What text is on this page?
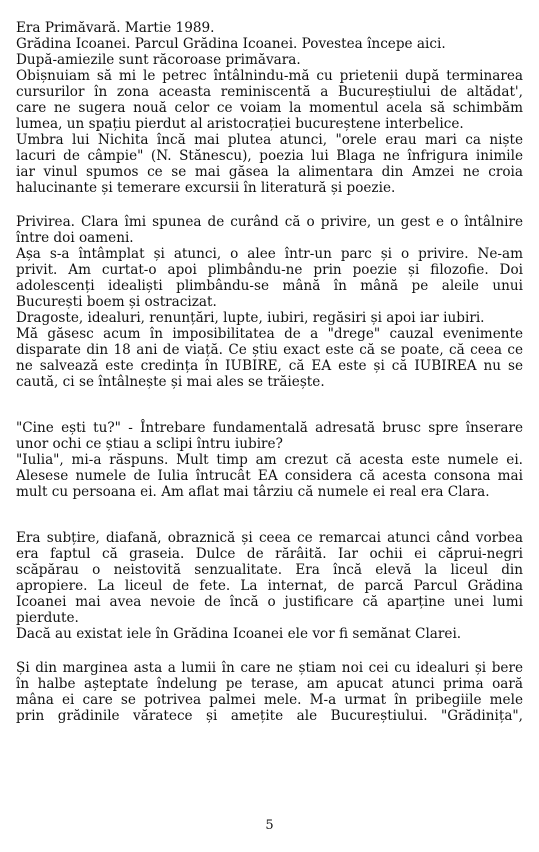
Era Primăvară. Martie 1989.
Grădina Icoanei. Parcul Grădina Icoanei. Povestea începe aici.
După-amiezile sunt răcoroase primăvara.
Obișnuiam să mi le petrec întâlnindu-mă cu prietenii după terminarea
cursurilor în zona aceasta reminiscentă a Bucureștiului de altădat',
care ne sugera nouă celor ce voiam la momentul acela să schimbăm
lumea, un spațiu pierdut al aristocrației bucureștene interbelice.
Umbra lui Nichita încă mai plutea atunci, "orele erau mari ca niște
lacuri de câmpie" (N. Stănescu), poezia lui Blaga ne înfrigura inimile
iar vinul spumos ce se mai găsea la alimentara din Amzei ne croia
halucinante și temerare excursii în literatură și poezie.
Privirea. Clara îmi spunea de curând că o privire, un gest e o întâlnire
între doi oameni.
Așa s-a întâmplat și atunci, o alee într-un parc și o privire. Ne-am
privit. Am curtat-o apoi plimbându-ne prin poezie și filozofie. Doi
adolescenți idealiști plimbându-se mână în mână pe aleile unui
București boem și ostracizat.
Dragoste, idealuri, renunțări, lupte, iubiri, regăsiri și apoi iar iubiri.
Mă găsesc acum în imposibilitatea de a "drege" cauzal evenimente
disparate din 18 ani de viață. Ce știu exact este că se poate, că ceea ce
ne salvează este credința în IUBIRE, că EA este și că IUBIREA nu se
caută, ci se întâlnește și mai ales se trăiește.
"Cine ești tu?" - Întrebare fundamentală adresată brusc spre înserare
unor ochi ce știau a sclipi întru iubire?
"Iulia", mi-a răspuns. Mult timp am crezut că acesta este numele ei.
Alesese numele de Iulia întrucât EA considera că acesta consona mai
mult cu persoana ei. Am aflat mai târziu că numele ei real era Clara.
Era subțire, diafană, obraznică și ceea ce remarcai atunci când vorbea
era faptul că graseia. Dulce de rărâită. Iar ochii ei căprui-negri
scăpărau o neistovită senzualitate. Era încă elevă la liceul din
apropiere. La liceul de fete. La internat, de parcă Parcul Grădina
Icoanei mai avea nevoie de încă o justificare că aparține unei lumi
pierdute.
Dacă au existat iele în Grădina Icoanei ele vor fi semănat Clarei.
Și din marginea asta a lumii în care ne știam noi cei cu idealuri și bere
în halbe așteptate îndelung pe terase, am apucat atunci prima oară
mâna ei care se potrivea palmei mele. M-a urmat în pribegiile mele
prin grădinile văratece și amețite ale Bucureștiului. "Grădinița",
5
